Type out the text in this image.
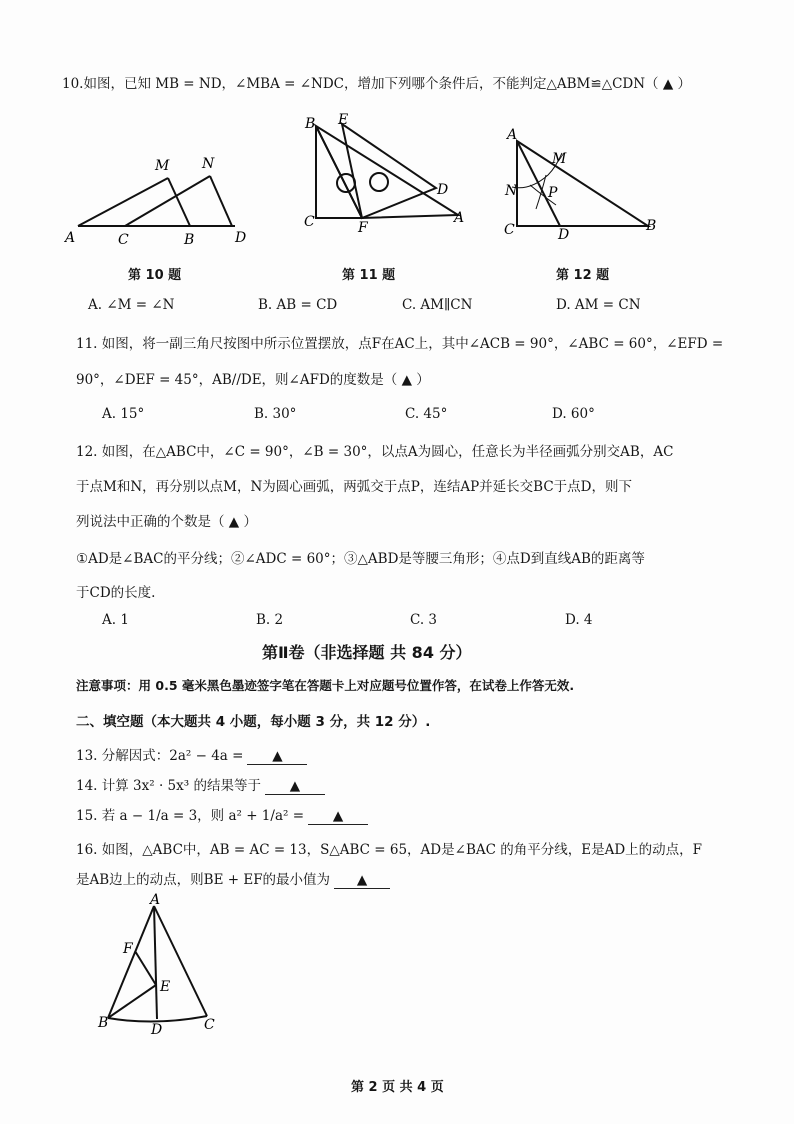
10.如图，已知 MB = ND，∠MBA = ∠NDC，增加下列哪个条件后，不能判定△ABM≌△CDN（ ▲ ）
M N
A	C	B	D
B E
C	F
D
A
A
M
N P
C	D
B
第 10 题	第 11 题	第 12 题
A. ∠M = ∠N	B. AB = CD	C. AM∥CN	D. AM = CN
11. 如图，将一副三角尺按图中所示位置摆放，点F在AC上，其中∠ACB = 90°，∠ABC = 60°，∠EFD =
90°，∠DEF = 45°，AB//DE，则∠AFD的度数是（ ▲ ）
A. 15°	B. 30°	C. 45°	D. 60°
12. 如图，在△ABC中，∠C = 90°，∠B = 30°，以点A为圆心，任意长为半径画弧分别交AB，AC
于点M和N，再分别以点M，N为圆心画弧，两弧交于点P，连结AP并延长交BC于点D，则下
列说法中正确的个数是（ ▲ ）
①AD是∠BAC的平分线；②∠ADC = 60°；③△ABD是等腰三角形；④点D到直线AB的距离等
于CD的长度.
A. 1	B. 2	C. 3	D. 4
第Ⅱ卷（非选择题 共 84 分）
注意事项：用 0.5 毫米黑色墨迹签字笔在答题卡上对应题号位置作答，在试卷上作答无效.
二、填空题（本大题共 4 小题，每小题 3 分，共 12 分）.
13. 分解因式：2a² − 4a = ▲
14. 计算 3x² · 5x³ 的结果等于 ▲
15. 若 a − 1/a = 3，则 a² + 1/a² = ▲
16. 如图，△ABC中，AB = AC = 13，S△ABC = 65，AD是∠BAC 的角平分线，E是AD上的动点，F
是AB边上的动点，则BE + EF的最小值为 ▲
A
F
E
B	D	C
第 2 页 共 4 页
